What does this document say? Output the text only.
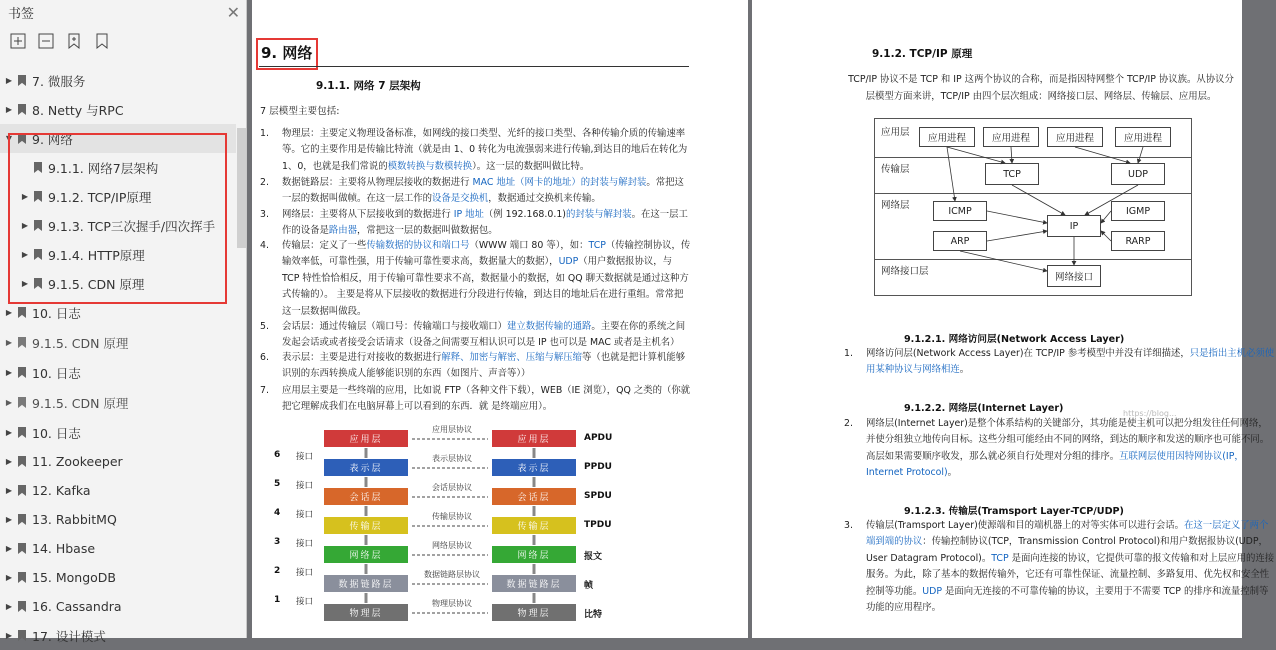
书签	✕
▶ 7. 微服务
▶ 8. Netty 与RPC
▼ 9. 网络
9.1.1. 网络7层架构
▶ 9.1.2. TCP/IP原理
▶ 9.1.3. TCP三次握手/四次挥手
▶ 9.1.4. HTTP原理
▶ 9.1.5. CDN 原理
▶ 10. 日志
▶ 9.1.5. CDN 原理
▶ 10. 日志
▶ 9.1.5. CDN 原理
▶ 10. 日志
▶ 11. Zookeeper
▶ 12. Kafka
▶ 13. RabbitMQ
▶ 14. Hbase
▶ 15. MongoDB
▶ 16. Cassandra
▶ 17. 设计模式
9. 网络
9.1.1. 网络 7 层架构
7 层模型主要包括:
1. 物理层：主要定义物理设备标准，如网线的接口类型、光纤的接口类型、各种传输介质的传输速率等。它的主要作用是传输比特流（就是由 1、0 转化为电流强弱来进行传输,到达目的地后在转化为 1、0，也就是我们常说的模数转换与数模转换）。这一层的数据叫做比特。
2. 数据链路层：主要将从物理层接收的数据进行 MAC 地址（网卡的地址）的封装与解封装。常把这一层的数据叫做帧。在这一层工作的设备是交换机，数据通过交换机来传输。
3. 网络层：主要将从下层接收到的数据进行 IP 地址（例 192.168.0.1)的封装与解封装。在这一层工作的设备是路由器，常把这一层的数据叫做数据包。
4. 传输层：定义了一些传输数据的协议和端口号（WWW 端口 80 等），如：TCP（传输控制协议，传输效率低，可靠性强，用于传输可靠性要求高，数据量大的数据），UDP（用户数据报协议，与 TCP 特性恰恰相反，用于传输可靠性要求不高，数据量小的数据，如 QQ 聊天数据就是通过这种方式传输的）。 主要是将从下层接收的数据进行分段进行传输，到达目的地址后在进行重组。常常把这一层数据叫做段。
5. 会话层：通过传输层（端口号：传输端口与接收端口）建立数据传输的通路。主要在你的系统之间发起会话或或者接受会话请求（设备之间需要互相认识可以是 IP 也可以是 MAC 或者是主机名）
6. 表示层：主要是进行对接收的数据进行解释、加密与解密、压缩与解压缩等（也就是把计算机能够识别的东西转换成人能够能识别的东西（如图片、声音等））
7. 应用层主要是一些终端的应用，比如说 FTP（各种文件下载），WEB（IE 浏览），QQ 之类的（你就把它理解成我们在电脑屏幕上可以看到的东西．就 是终端应用）。
应用层	应用层
应用层协议
APDU
表示层	表示层
表示层协议
PPDU
会话层	会话层
会话层协议
SPDU
传输层	传输层
传输层协议
TPDU
网络层	网络层
网络层协议
报文
数据链路层	数据链路层
数据链路层协议
帧
物理层	物理层
物理层协议
比特
6 接口
5 接口
4 接口
3 接口
2 接口
1 接口
9.1.2. TCP/IP 原理
TCP/IP 协议不是 TCP 和 IP 这两个协议的合称，而是指因特网整个 TCP/IP 协议族。从协议分层模型方面来讲，TCP/IP 由四个层次组成：网络接口层、网络层、传输层、应用层。
应用层
传输层
网络层
网络接口层
应用进程	应用进程	应用进程	应用进程
TCP	UDP
ICMP	IGMP
IP
ARP	RARP
网络接口
https://blog...
9.1.2.1. 网络访问层(Network Access Layer)
1. 网络访问层(Network Access Layer)在 TCP/IP 参考模型中并没有详细描述，只是指出主机必须使用某种协议与网络相连。
9.1.2.2. 网络层(Internet Layer)
2. 网络层(Internet Layer)是整个体系结构的关键部分，其功能是使主机可以把分组发往任何网络，并使分组独立地传向目标。这些分组可能经由不同的网络，到达的顺序和发送的顺序也可能不同。高层如果需要顺序收发，那么就必须自行处理对分组的排序。互联网层使用因特网协议(IP，Internet Protocol)。
9.1.2.3. 传输层(Tramsport Layer-TCP/UDP)
3. 传输层(Tramsport Layer)使源端和目的端机器上的对等实体可以进行会话。在这一层定义了两个端到端的协议：传输控制协议(TCP，Transmission Control Protocol)和用户数据报协议(UDP，User Datagram Protocol)。TCP 是面向连接的协议，它提供可靠的报文传输和对上层应用的连接服务。为此，除了基本的数据传输外，它还有可靠性保证、流量控制、多路复用、优先权和安全性控制等功能。UDP 是面向无连接的不可靠传输的协议，主要用于不需要 TCP 的排序和流量控制等功能的应用程序。
